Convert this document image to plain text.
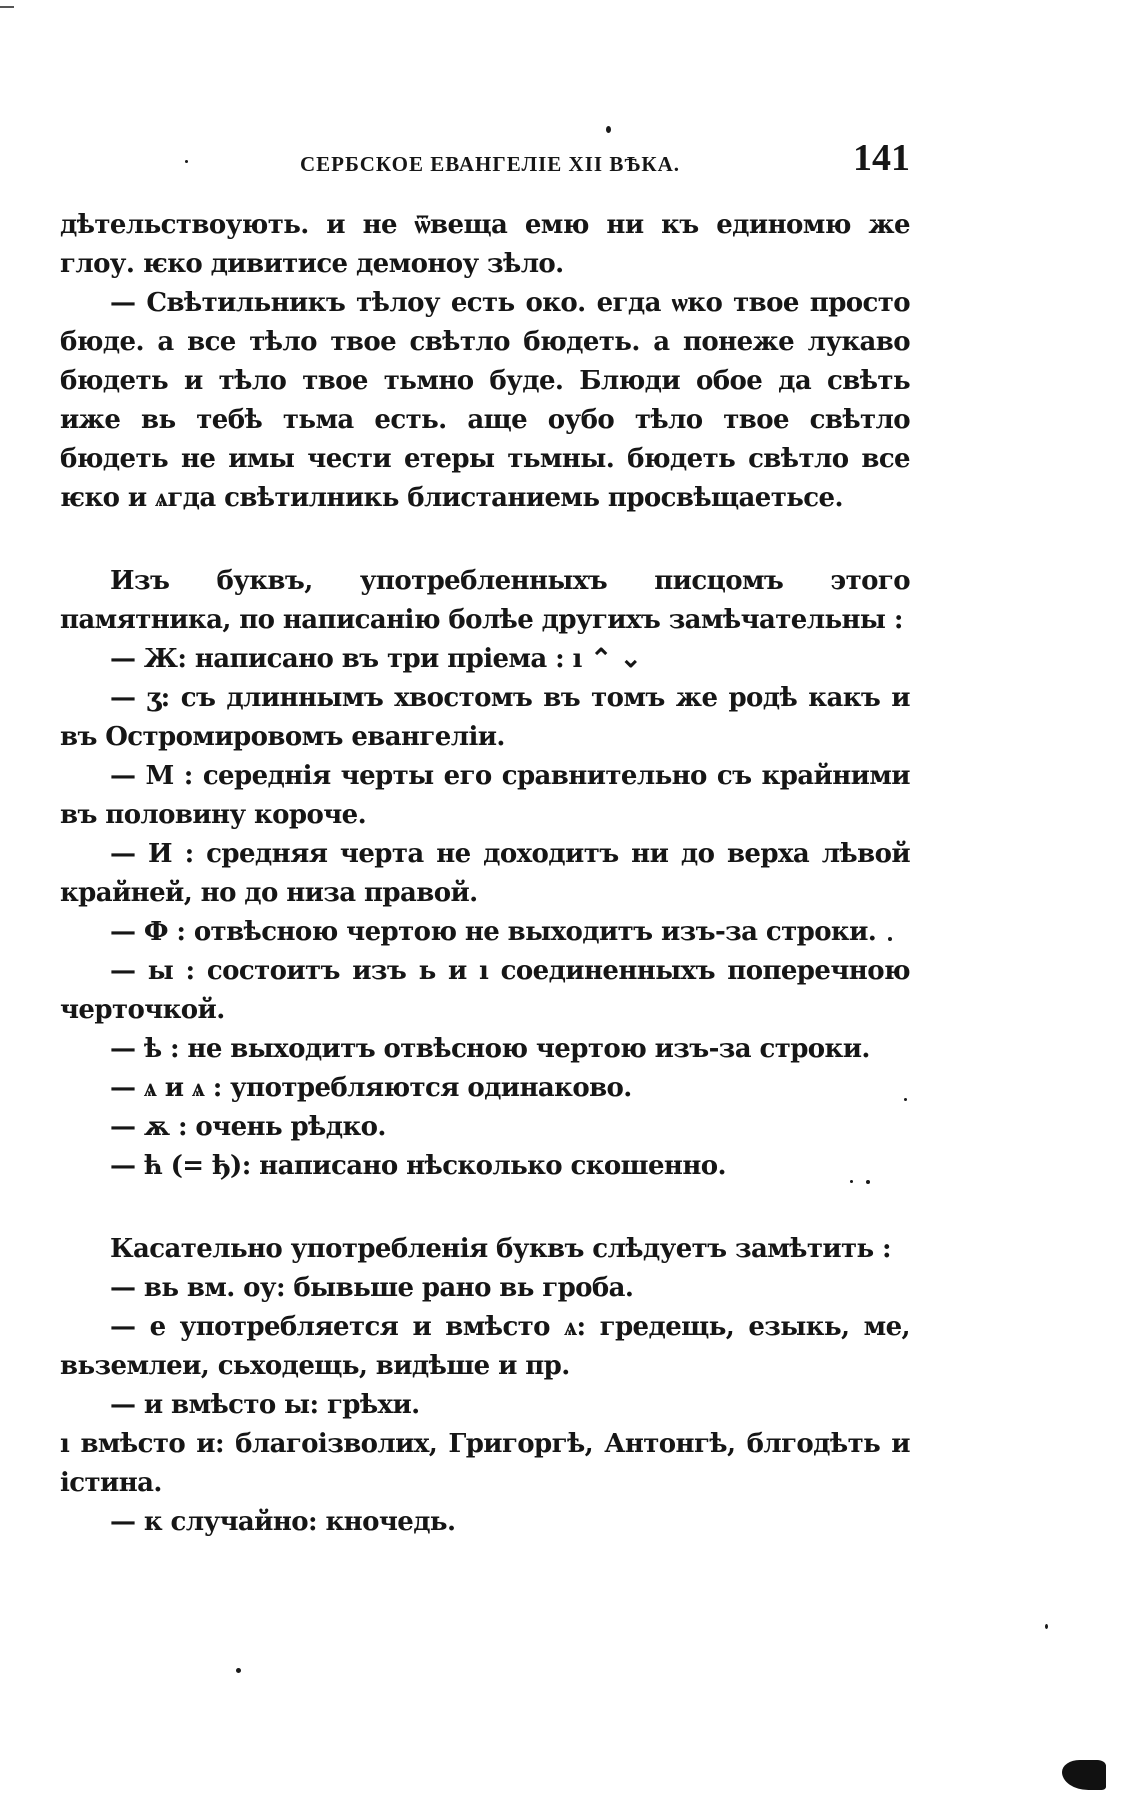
СЕРБСКОЕ ЕВАНГЕЛІЕ XII ВѢКА.	141

дѣтельствоують. и не ѿвеща емю ни къ единомю же глоу. ѥко дивитисе демоноу зѣло.

— Свѣтильникъ тѣлоу есть око. егда ѡко твое просто бюде. а все тѣло твое свѣтло бюдеть. а понеже лукаво бюдеть и тѣло твое тьмно буде. Блюди обое да свѣть иже вь тебѣ тьма есть. аще оубо тѣло твое свѣтло бюдеть не имы чести етеры тьмны. бюдеть свѣтло все ѥко и ѧгда свѣтилникь блистаниемь просвѣщаетьсе.

Изъ буквъ, употребленныхъ писцомъ этого памятника, по написанію болѣе другихъ замѣчательны :

— Ж: написано въ три пріема : ı ⌃ ⌄

— ʒ: съ длиннымъ хвостомъ въ томъ же родѣ какъ и въ Остромировомъ евангеліи.

— М : середнія черты его сравнительно съ крайними въ половину короче.

— И : средняя черта не доходитъ ни до верха лѣвой крайней, но до низа правой.

— Ф : отвѣсною чертою не выходитъ изъ-за строки.

— ы : состоитъ изъ ь и ı соединенныхъ поперечною черточкой.

— ѣ : не выходитъ отвѣсною чертою изъ-за строки.

— ѧ и ѧ : употребляются одинаково.

— ѫ : очень рѣдко.

— ћ (= ђ): написано нѣсколько скошенно.

Касательно употребленія буквъ слѣдуетъ замѣтить :

— вь вм. оу: бывьше рано вь гроба.

— е употребляется и вмѣсто ѧ: гредещь, езыкь, ме, вьземлеи, сьходещь, видѣше и пр.

— и вмѣсто ы: грѣхи.

ı вмѣсто и: благоізволих, Григоргѣ, Антонгѣ, блгодѣть и істина.

— к случайно: кночедь.
